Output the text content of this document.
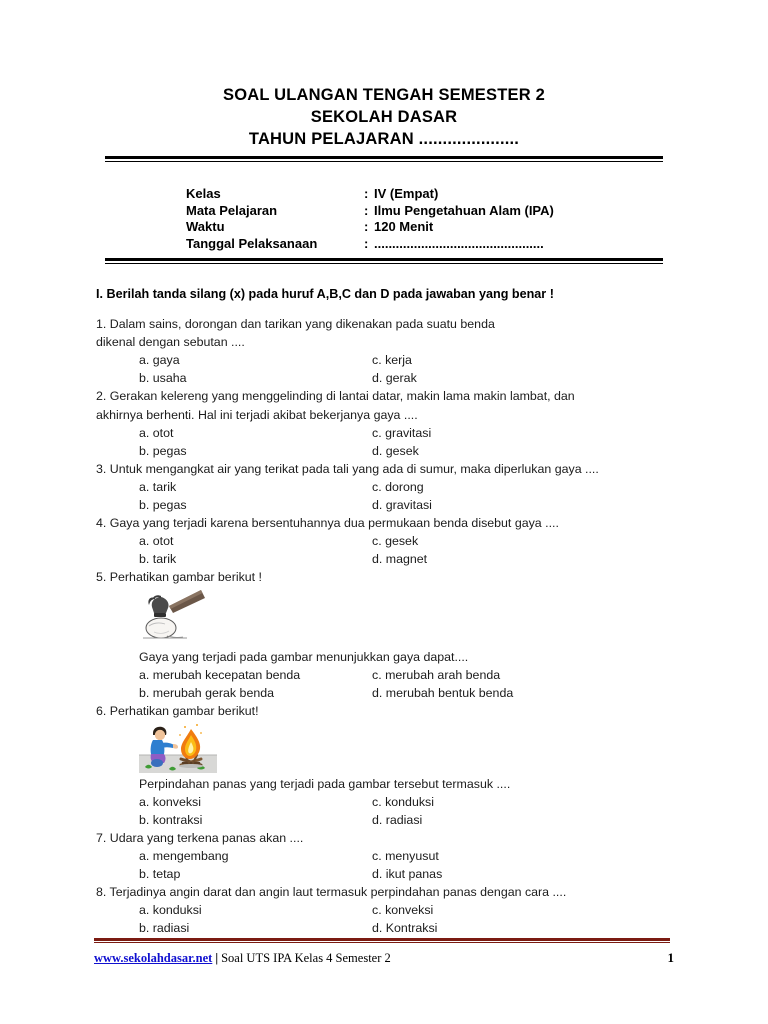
SOAL ULANGAN TENGAH SEMESTER 2
SEKOLAH DASAR
TAHUN PELAJARAN .....................
Kelas	:	IV (Empat)
Mata Pelajaran	:	Ilmu Pengetahuan Alam (IPA)
Waktu	:	120 Menit
Tanggal Pelaksanaan	:	...............................................
I. Berilah tanda silang (x) pada huruf A,B,C dan D pada jawaban yang benar !
1. Dalam sains, dorongan dan tarikan yang dikenakan pada suatu benda
dikenal dengan sebutan ....
a. gaya
b. usaha
c. kerja
d. gerak
2. Gerakan kelereng yang menggelinding di lantai datar, makin lama makin lambat, dan
akhirnya berhenti. Hal ini terjadi akibat bekerjanya gaya ....
a. otot
b. pegas
c. gravitasi
d. gesek
3. Untuk mengangkat air yang terikat pada tali yang ada di sumur, maka diperlukan gaya ....
a. tarik
b. pegas
c. dorong
d. gravitasi
4. Gaya yang terjadi karena bersentuhannya dua permukaan benda disebut gaya ....
a. otot
b. tarik
c. gesek
d. magnet
5. Perhatikan gambar berikut !
Gaya yang terjadi pada gambar menunjukkan gaya dapat....
a. merubah kecepatan benda
b. merubah gerak benda
c. merubah arah benda
d. merubah bentuk benda
6. Perhatikan gambar berikut!
Perpindahan panas yang terjadi pada gambar tersebut termasuk ....
a. konveksi
b. kontraksi
c. konduksi
d. radiasi
7. Udara yang terkena panas akan ....
a. mengembang
b. tetap
c. menyusut
d. ikut panas
8. Terjadinya angin darat dan angin laut termasuk perpindahan panas dengan cara ....
a. konduksi
b. radiasi
c. konveksi
d. Kontraksi
www.sekolahdasar.net | Soal UTS IPA Kelas 4 Semester 2	1
